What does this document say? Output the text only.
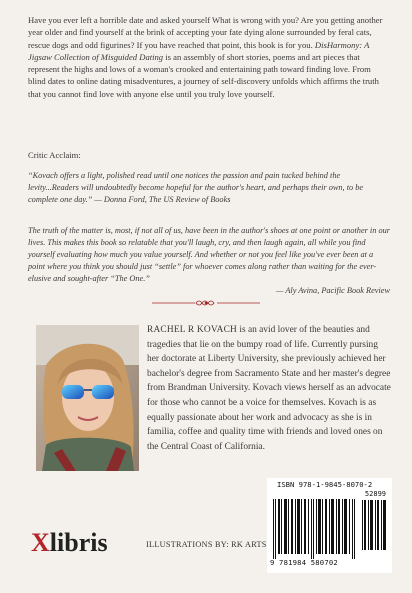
Have you ever left a horrible date and asked yourself What is wrong with you? Are you getting another year older and find yourself at the brink of accepting your fate dying alone surrounded by feral cats, rescue dogs and odd figurines? If you have reached that point, this book is for you. DisHarmony: A Jigsaw Collection of Misguided Dating is an assembly of short stories, poems and art pieces that represent the highs and lows of a woman's crooked and entertaining path toward finding love. From blind dates to online dating misadventures, a journey of self-discovery unfolds which affirms the truth that you cannot find love with anyone else until you truly love yourself.

Critic Acclaim:
“Kovach offers a light, polished read until one notices the passion and pain tucked behind the levity...Readers will undoubtedly become hopeful for the author's heart, and perhaps their own, to be complete one day.” — Donna Ford, The US Review of Books
The truth of the matter is, most, if not all of us, have been in the author's shoes at one point or another in our lives. This makes this book so relatable that you'll laugh, cry, and then laugh again, all while you find yourself evaluating how much you value yourself. And whether or not you feel like you've ever been at a point where you think you should just “settle” for whoever comes along rather than waiting for the ever-elusive and sought-after “The One.”
— Aly Avina, Pacific Book Review
RACHEL R KOVACH is an avid lover of the beauties and tragedies that lie on the bumpy road of life. Currently pursing her doctorate at Liberty University, she previously achieved her bachelor's degree from Sacramento State and her master's degree from Brandman University. Kovach views herself as an advocate for those who cannot be a voice for themselves. Kovach is as equally passionate about her work and advocacy as she is in familia, coffee and quality time with friends and loved ones on the Central Coast of California.
ISBN 978-1-9845-8070-2
52899
9 781984 580702
Xlibris	ILLUSTRATIONS BY: RK ARTS
